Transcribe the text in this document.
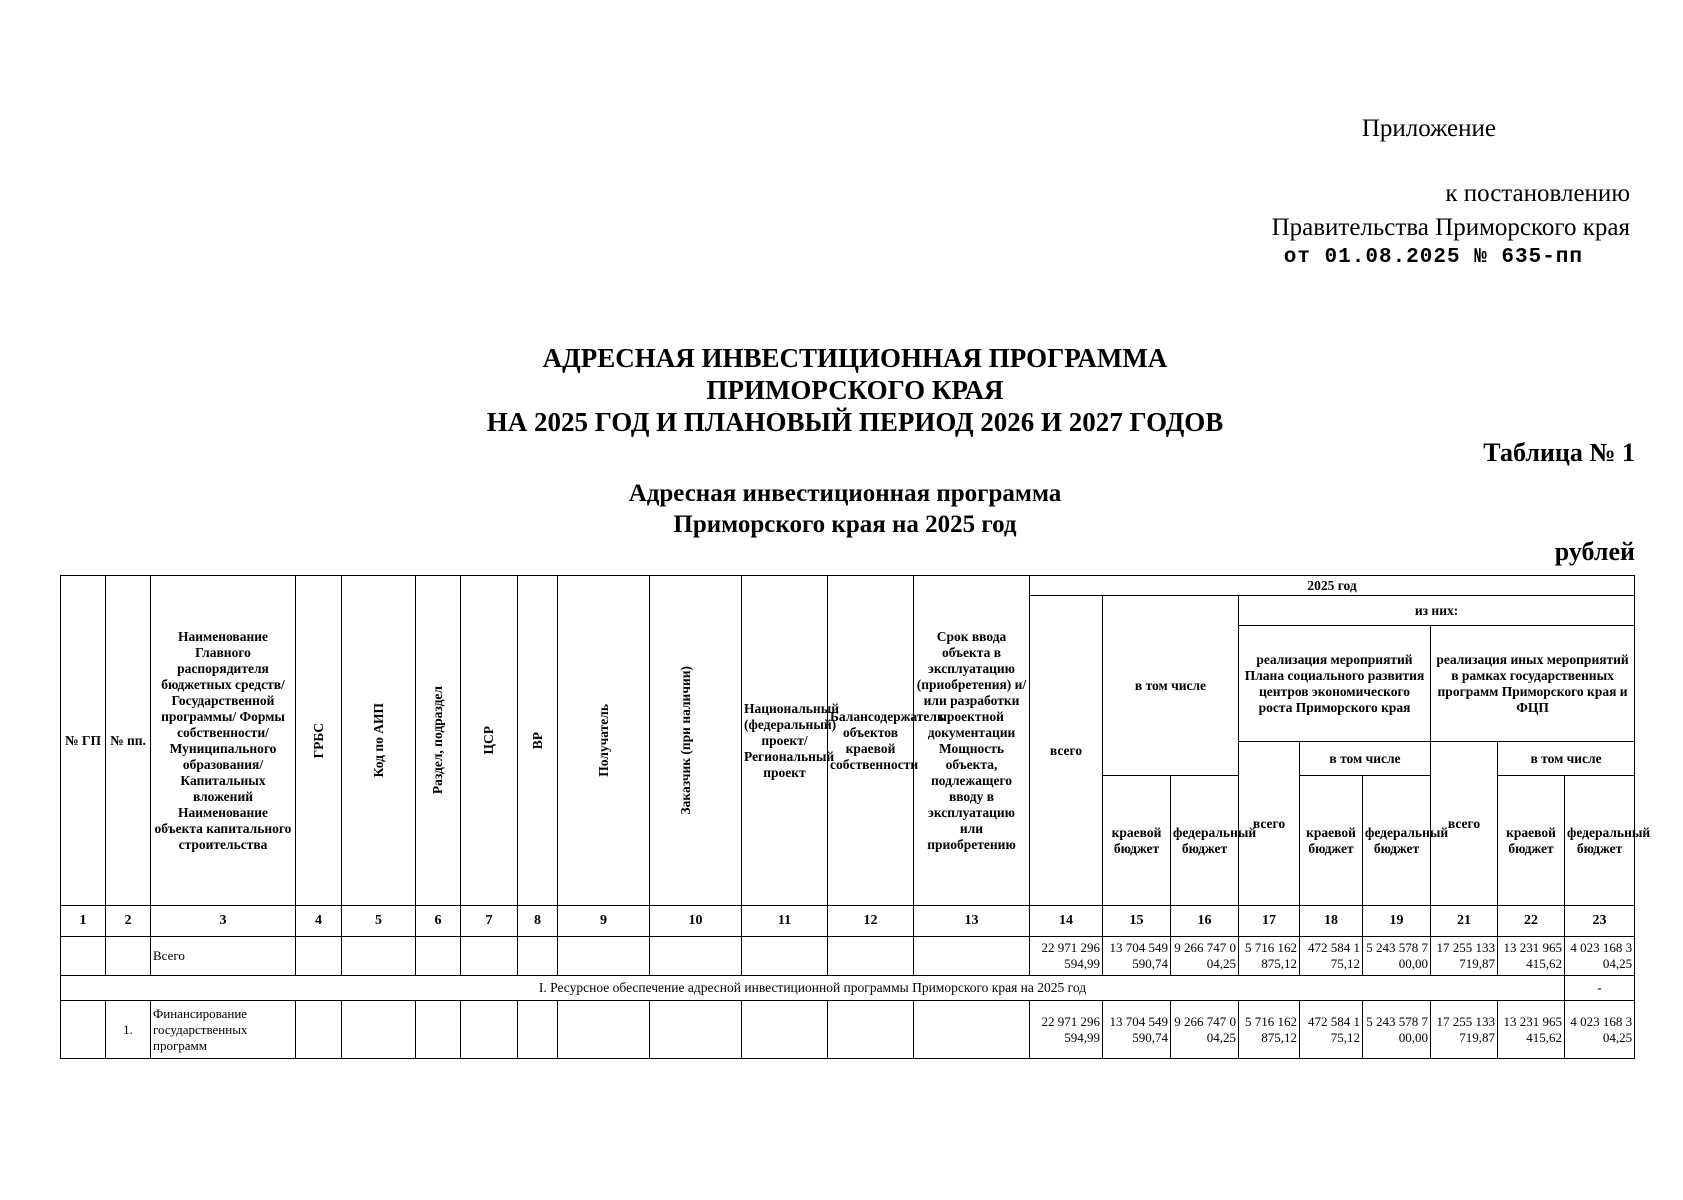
Приложение
к постановлению
Правительства Приморского края
от 01.08.2025 № 635-пп
АДРЕСНАЯ ИНВЕСТИЦИОННАЯ ПРОГРАММА
ПРИМОРСКОГО КРАЯ
НА 2025 ГОД И ПЛАНОВЫЙ ПЕРИОД 2026 И 2027 ГОДОВ
Таблица № 1
Адресная инвестиционная программа
Приморского края на 2025 год
рублей
№ ГП	№ пп.	Наименование Главного распорядителя бюджетных средств/Государственной программы/ Формы собственности/Муниципального образования/Капитальных вложений Наименование объекта капитального строительства	ГРБС	Код по АИП	Раздел, подраздел	ЦСР	ВР	Получатель	Заказчик (при наличии)	Национальный (федеральный) проект/ Региональный проект	Балансодержатель объектов краевой собственности	Срок ввода объекта в эксплуатацию (приобретения) и/или разработки проектной документации Мощность объекта, подлежащего вводу в эксплуатацию или приобретению	2025 год								
													всего	в том числе		из них:					
																реализация мероприятий Плана социального развития центров экономического роста Приморского края			реализация иных мероприятий в рамках государственных программ Приморского края и ФЦП		
																всего	в том числе		всего	в том числе	
														краевой бюджет	федеральный бюджет		краевой бюджет	федеральный бюджет		краевой бюджет	федеральный бюджет
1	2	3	4	5	6	7	8	9	10	11	12	13	14	15	16	17	18	19	21	22	23
		Всего											22 971 296 594,99	13 704 549 590,74	9 266 747 004,25	5 716 162 875,12	472 584 175,12	5 243 578 700,00	17 255 133 719,87	13 231 965 415,62	4 023 168 304,25
I. Ресурсное обеспечение адресной инвестиционной программы Приморского края на 2025 год																					-
	1.	Финансирование государственных программ											22 971 296 594,99	13 704 549 590,74	9 266 747 004,25	5 716 162 875,12	472 584 175,12	5 243 578 700,00	17 255 133 719,87	13 231 965 415,62	4 023 168 304,25
